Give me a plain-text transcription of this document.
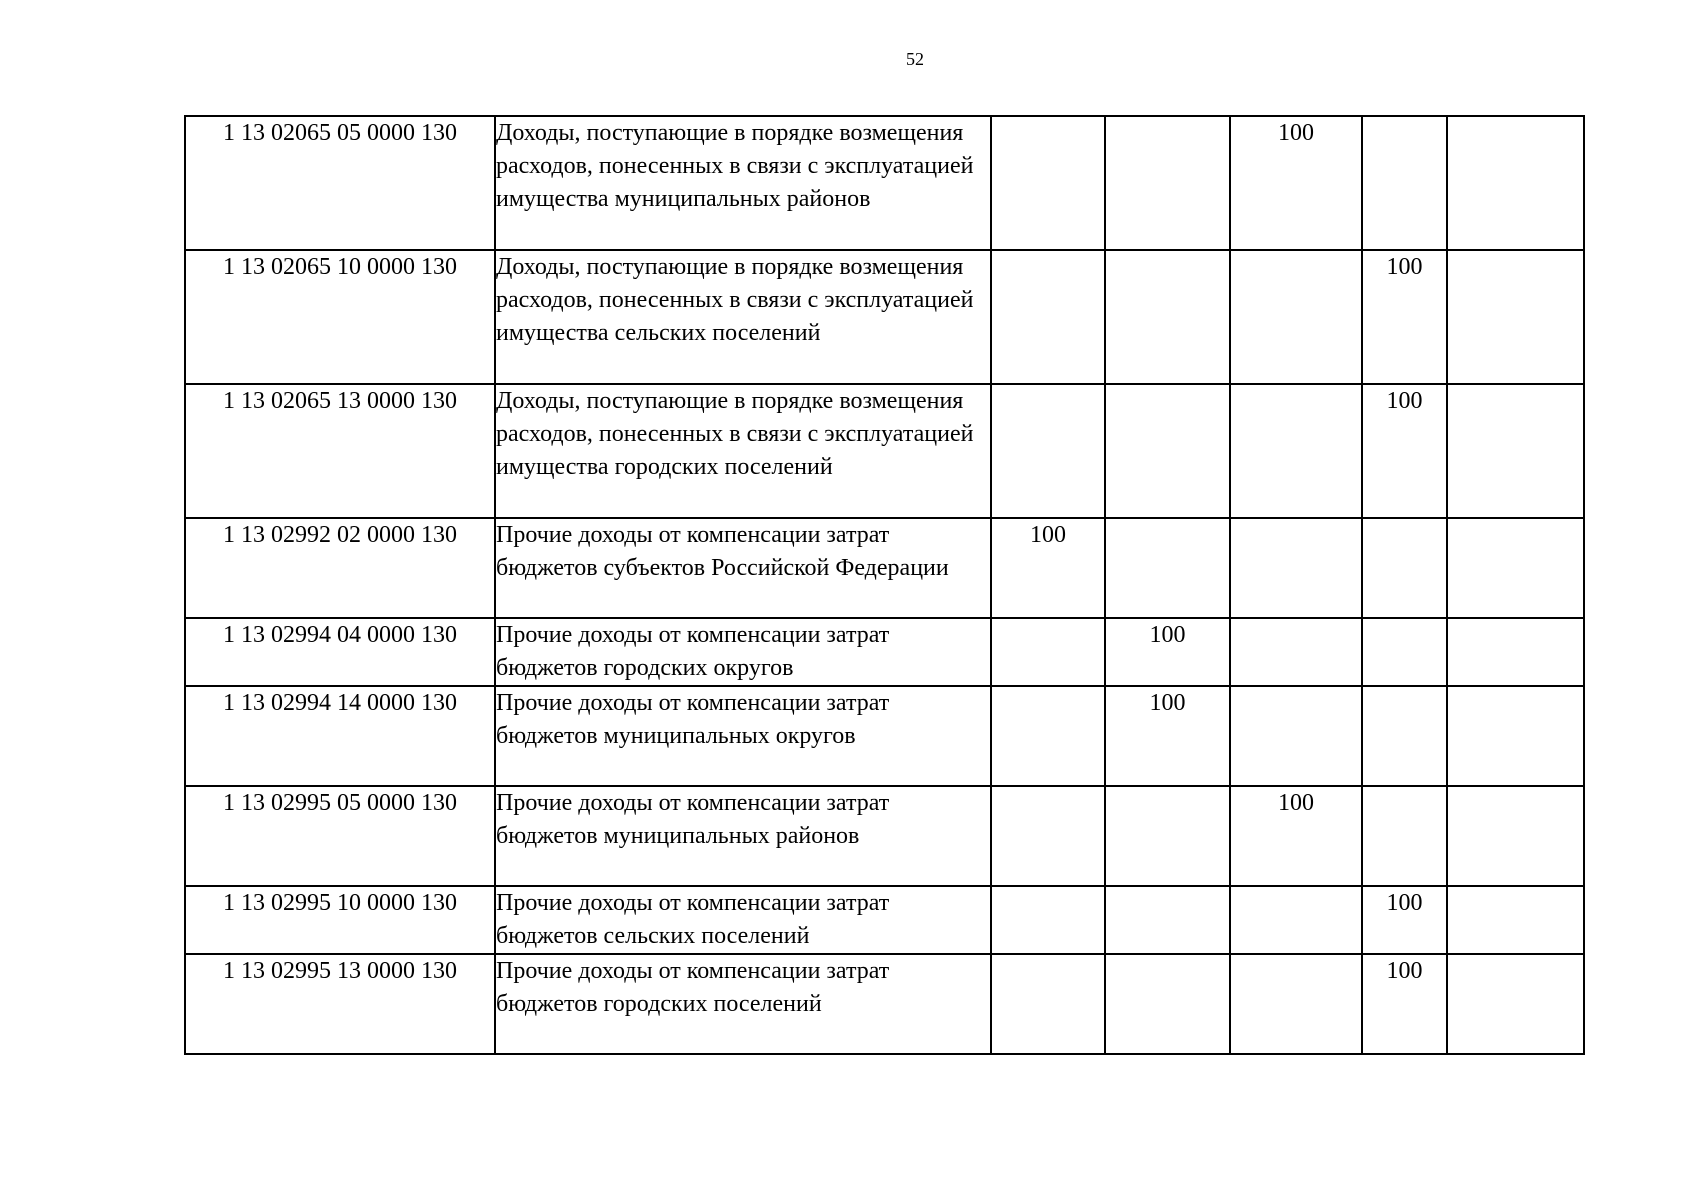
52
1 13 02065 05 0000 130	Доходы, поступающие в порядке возмещения расходов, понесенных в связи с эксплуатацией имущества муниципальных районов			100		
1 13 02065 10 0000 130	Доходы, поступающие в порядке возмещения расходов, понесенных в связи с эксплуатацией имущества сельских поселений				100	
1 13 02065 13 0000 130	Доходы, поступающие в порядке возмещения расходов, понесенных в связи с эксплуатацией имущества городских поселений				100	
1 13 02992 02 0000 130	Прочие доходы от компенсации затрат бюджетов субъектов Российской Федерации	100				
1 13 02994 04 0000 130	Прочие доходы от компенсации затрат бюджетов городских округов		100			
1 13 02994 14 0000 130	Прочие доходы от компенсации затрат бюджетов муниципальных округов		100			
1 13 02995 05 0000 130	Прочие доходы от компенсации затрат бюджетов муниципальных районов			100		
1 13 02995 10 0000 130	Прочие доходы от компенсации затрат бюджетов сельских поселений				100	
1 13 02995 13 0000 130	Прочие доходы от компенсации затрат бюджетов городских поселений				100	
